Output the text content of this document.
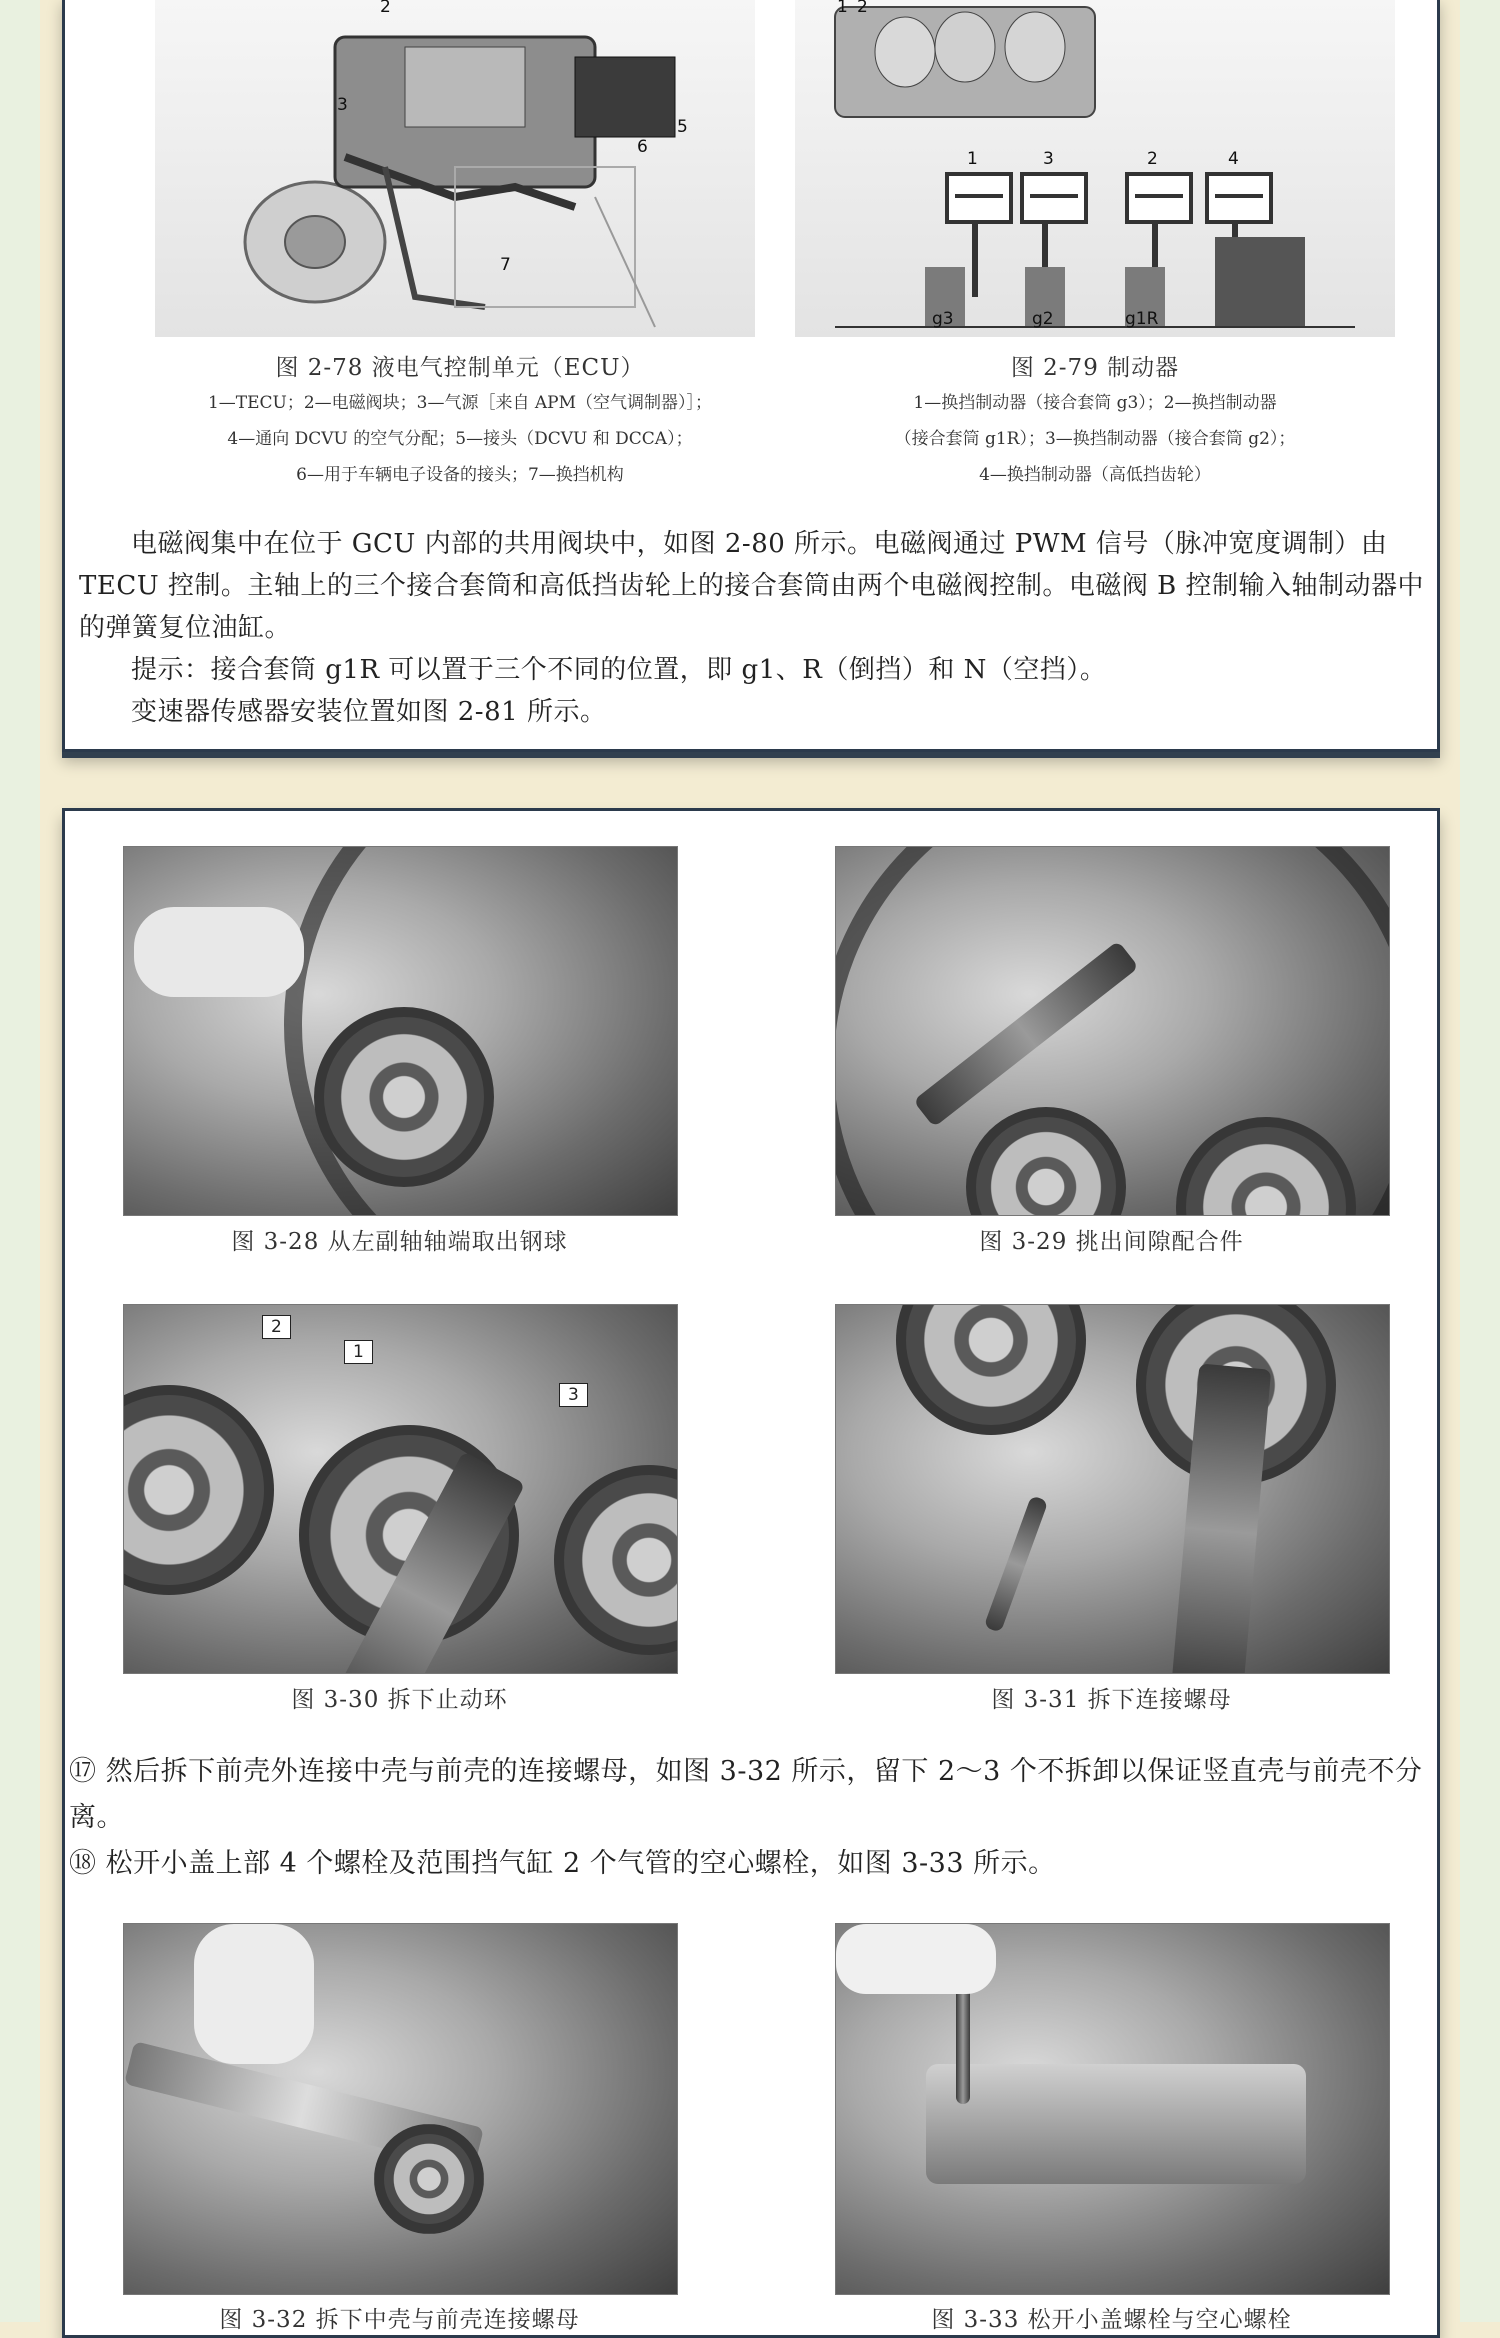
2
3
5
6
7
1 2
1	3	2	4
g3	g2	g1R
图 2-78 液电气控制单元（ECU）
1—TECU；2—电磁阀块；3—气源［来自 APM（空气调制器）］；
4—通向 DCVU 的空气分配；5—接头（DCVU 和 DCCA）；
6—用于车辆电子设备的接头；7—换挡机构
图 2-79 制动器
1—换挡制动器（接合套筒 g3）；2—换挡制动器
（接合套筒 g1R）；3—换挡制动器（接合套筒 g2）；
4—换挡制动器（高低挡齿轮）

电磁阀集中在位于 GCU 内部的共用阀块中，如图 2-80 所示。电磁阀通过 PWM 信号（脉冲宽度调制）由 TECU 控制。主轴上的三个接合套筒和高低挡齿轮上的接合套筒由两个电磁阀控制。电磁阀 B 控制输入轴制动器中的弹簧复位油缸。

提示：接合套筒 g1R 可以置于三个不同的位置，即 g1、R（倒挡）和 N（空挡）。

变速器传感器安装位置如图 2-81 所示。

图 3-28 从左副轴轴端取出钢球	图 3-29 挑出间隙配合件
2
1
3
图 3-30 拆下止动环	图 3-31 拆下连接螺母

⑰ 然后拆下前壳外连接中壳与前壳的连接螺母，如图 3-32 所示，留下 2～3 个不拆卸以保证竖直壳与前壳不分离。

⑱ 松开小盖上部 4 个螺栓及范围挡气缸 2 个气管的空心螺栓，如图 3-33 所示。

图 3-32 拆下中壳与前壳连接螺母	图 3-33 松开小盖螺栓与空心螺栓
